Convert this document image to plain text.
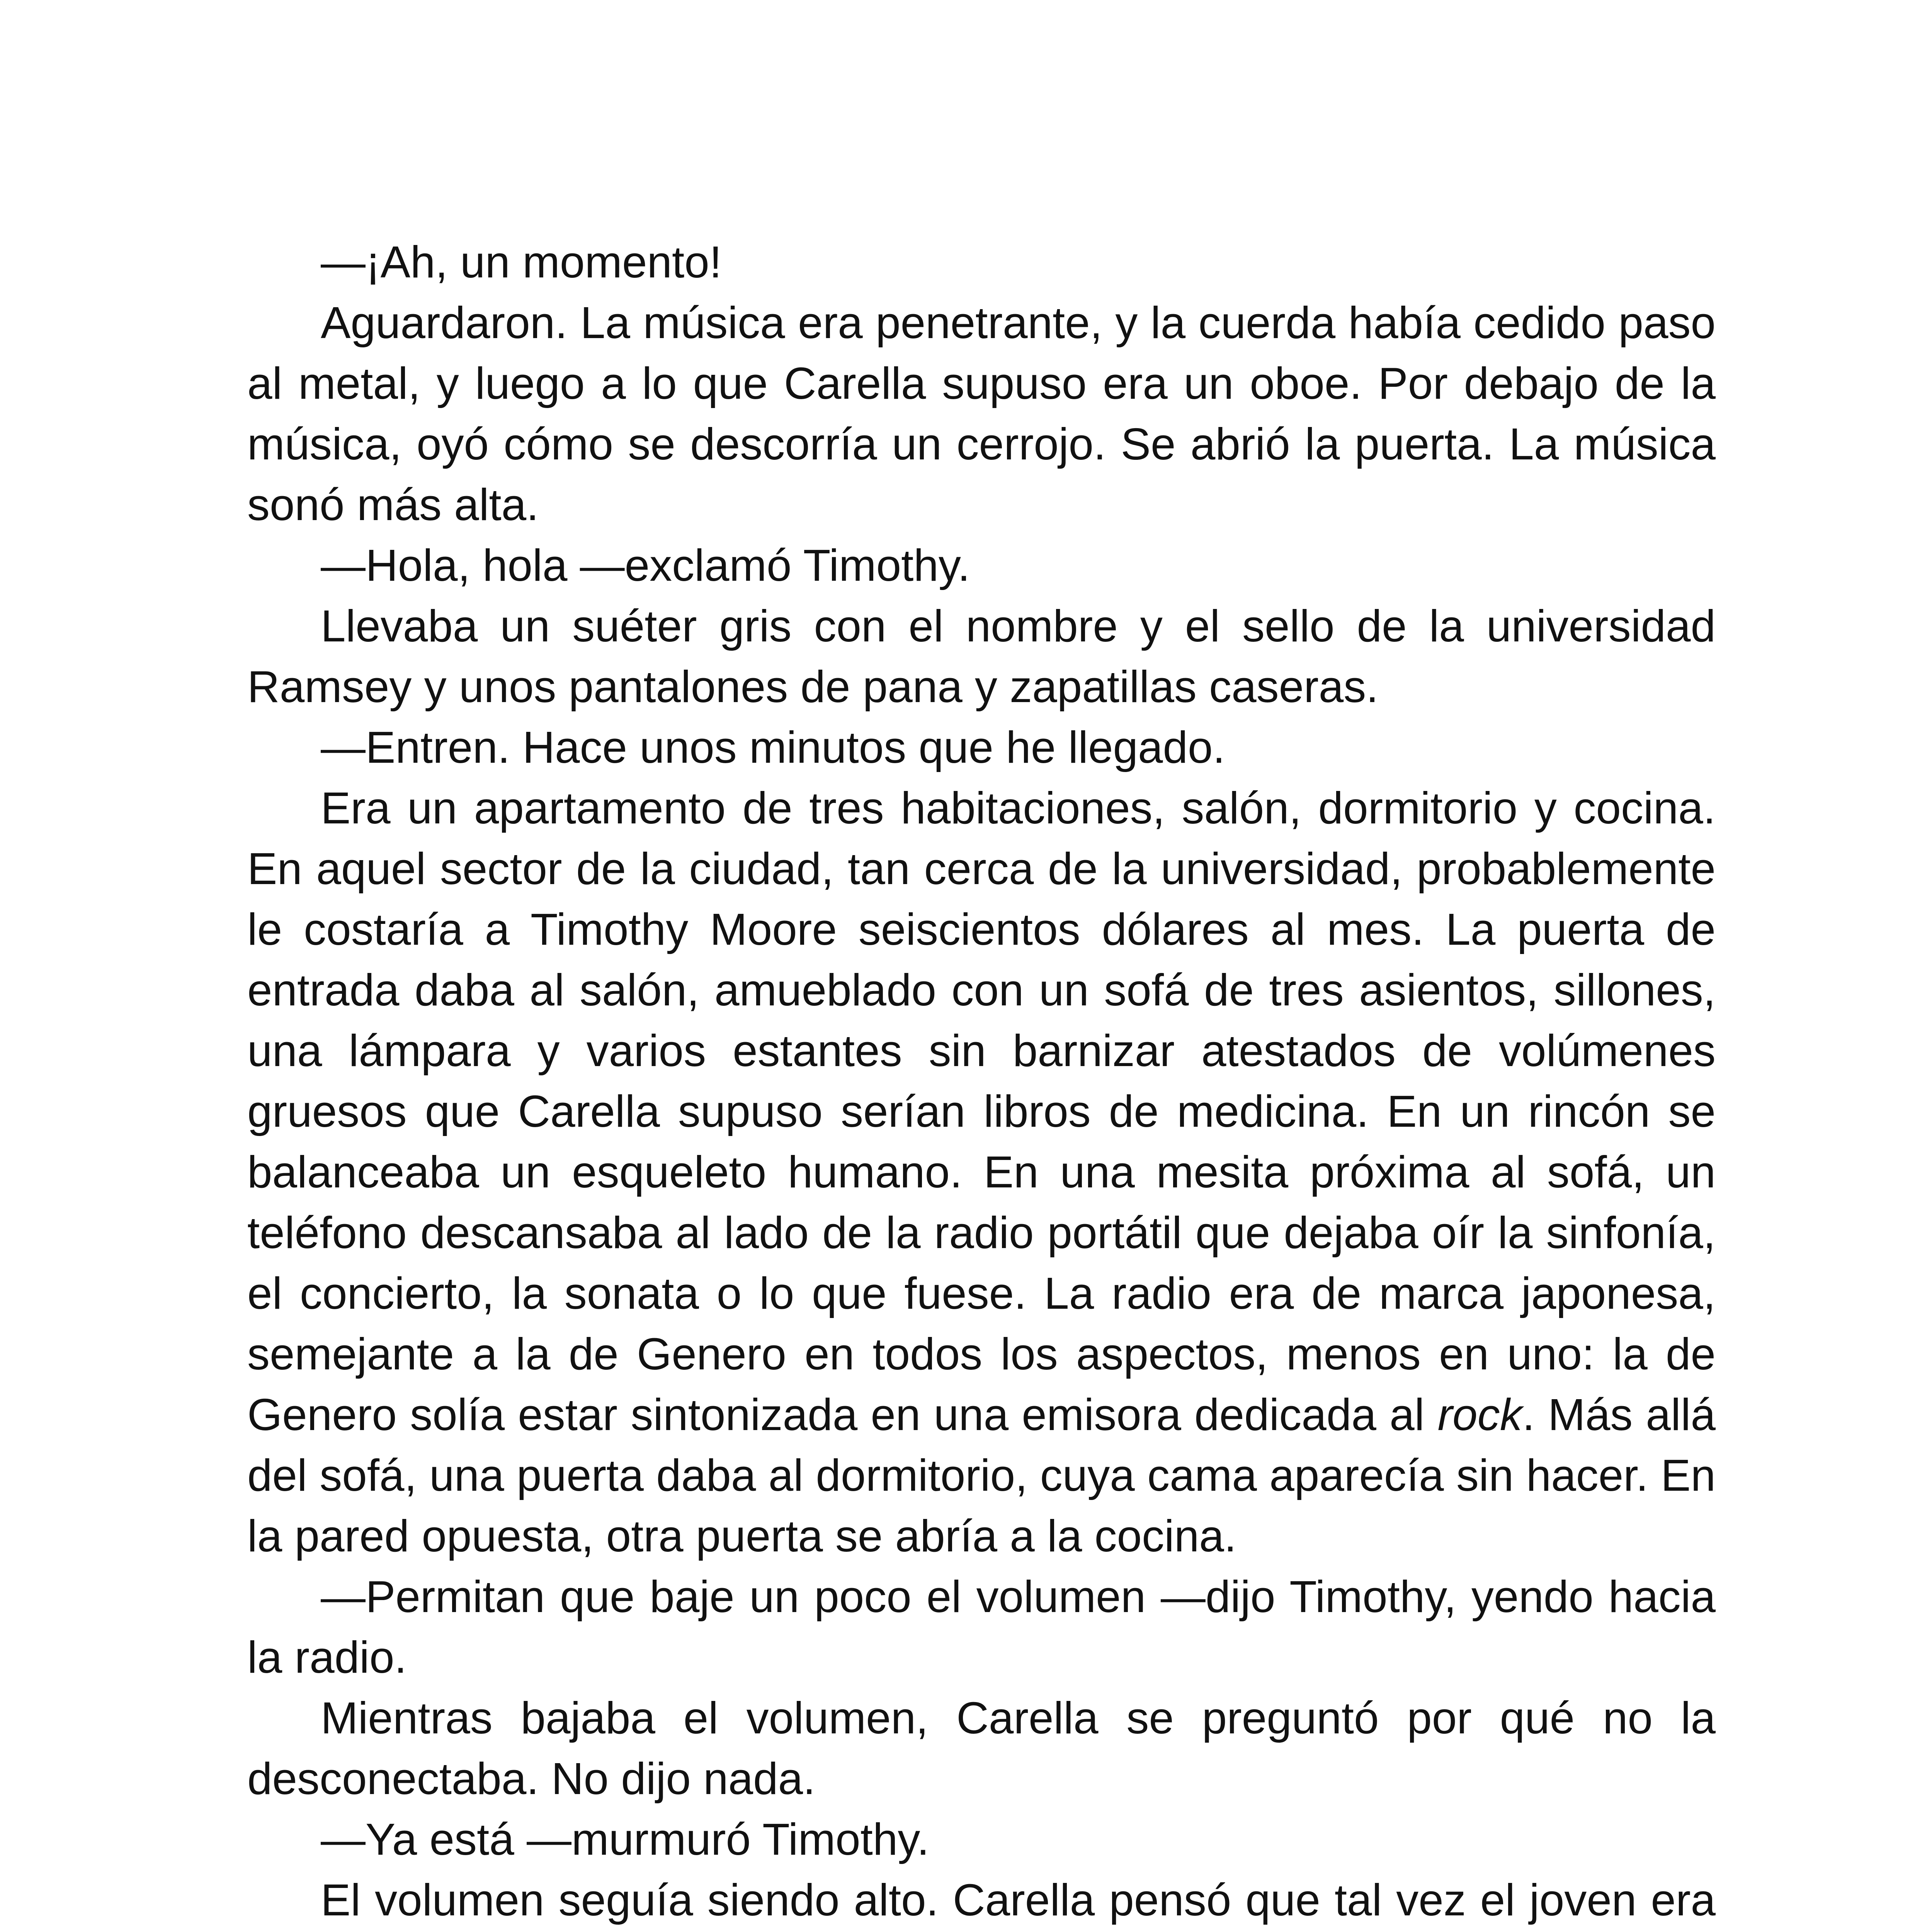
—¡Ah, un momento!

Aguardaron. La música era penetrante, y la cuerda había cedido paso al metal, y luego a lo que Carella supuso era un oboe. Por debajo de la música, oyó cómo se descorría un cerrojo. Se abrió la puerta. La música sonó más alta.

—Hola, hola —exclamó Timothy.

Llevaba un suéter gris con el nombre y el sello de la universidad Ramsey y unos pantalones de pana y zapatillas caseras.

—Entren. Hace unos minutos que he llegado.

Era un apartamento de tres habitaciones, salón, dormitorio y cocina. En aquel sector de la ciudad, tan cerca de la universidad, probablemente le costaría a Timothy Moore seiscientos dólares al mes. La puerta de entrada daba al salón, amueblado con un sofá de tres asientos, sillones, una lámpara y varios estantes sin barnizar atestados de volúmenes gruesos que Carella supuso serían libros de medicina. En un rincón se balanceaba un esqueleto humano. En una mesita próxima al sofá, un teléfono descansaba al lado de la radio portátil que dejaba oír la sinfonía, el concierto, la sonata o lo que fuese. La radio era de marca japonesa, semejante a la de Genero en todos los aspectos, menos en uno: la de Genero solía estar sintonizada en una emisora dedicada al rock. Más allá del sofá, una puerta daba al dormitorio, cuya cama aparecía sin hacer. En la pared opuesta, otra puerta se abría a la cocina.

—Permitan que baje un poco el volumen —dijo Timothy, yendo hacia la radio.

Mientras bajaba el volumen, Carella se preguntó por qué no la desconectaba. No dijo nada.

—Ya está —murmuró Timothy.

El volumen seguía siendo alto. Carella pensó que tal vez el joven era
